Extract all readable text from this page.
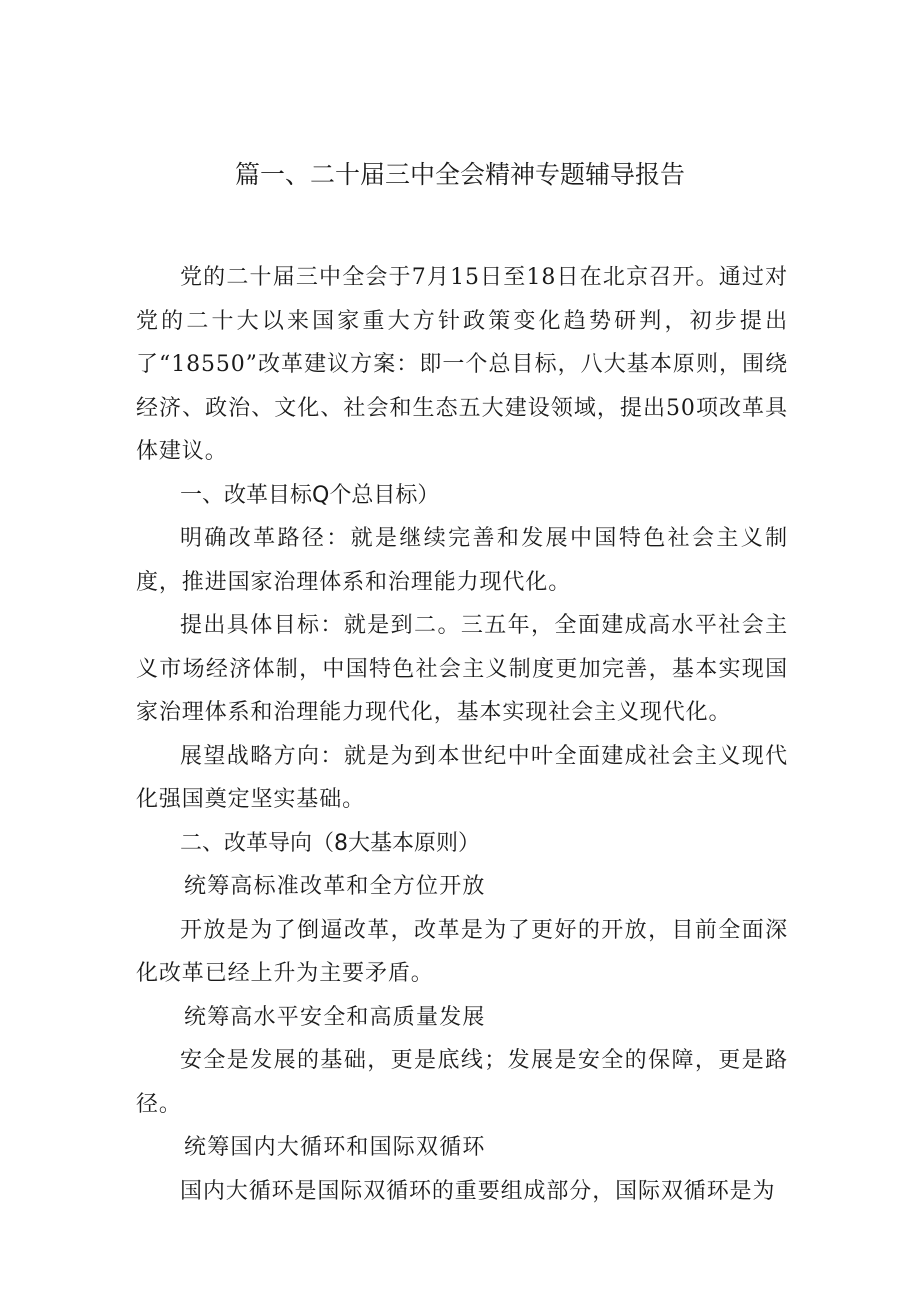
篇一、二十届三中全会精神专题辅导报告

党的二十届三中全会于7月15日至18日在北京召开。通过对党的二十大以来国家重大方针政策变化趋势研判，初步提出了“18550”改革建议方案：即一个总目标，八大基本原则，围绕经济、政治、文化、社会和生态五大建设领域，提出50项改革具体建议。

一、改革目标Q个总目标）

明确改革路径：就是继续完善和发展中国特色社会主义制度，推进国家治理体系和治理能力现代化。

提出具体目标：就是到二。三五年，全面建成高水平社会主义市场经济体制，中国特色社会主义制度更加完善，基本实现国家治理体系和治理能力现代化，基本实现社会主义现代化。

展望战略方向：就是为到本世纪中叶全面建成社会主义现代化强国奠定坚实基础。

二、改革导向（8大基本原则）

统筹高标准改革和全方位开放

开放是为了倒逼改革，改革是为了更好的开放，目前全面深化改革已经上升为主要矛盾。

统筹高水平安全和高质量发展

安全是发展的基础，更是底线；发展是安全的保障，更是路径。

统筹国内大循环和国际双循环

国内大循环是国际双循环的重要组成部分，国际双循环是为
